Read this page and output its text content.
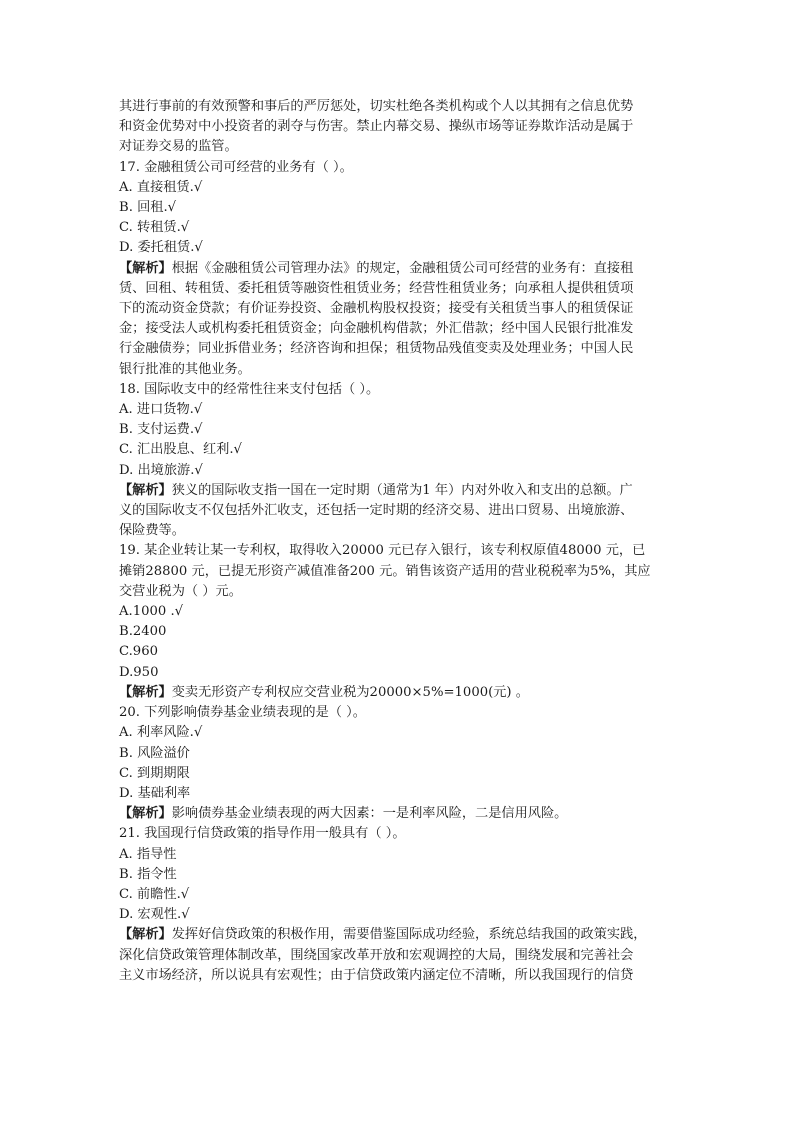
其进行事前的有效预警和事后的严厉惩处，切实杜绝各类机构或个人以其拥有之信息优势

和资金优势对中小投资者的剥夺与伤害。禁止内幕交易、操纵市场等证券欺诈活动是属于

对证券交易的监管。

17. 金融租赁公司可经营的业务有（ ）。

A. 直接租赁.√

B. 回租.√

C. 转租赁.√

D. 委托租赁.√

【解析】根据《金融租赁公司管理办法》的规定，金融租赁公司可经营的业务有：直接租

赁、回租、转租赁、委托租赁等融资性租赁业务；经营性租赁业务；向承租人提供租赁项

下的流动资金贷款；有价证券投资、金融机构股权投资；接受有关租赁当事人的租赁保证

金；接受法人或机构委托租赁资金；向金融机构借款；外汇借款；经中国人民银行批准发

行金融债券；同业拆借业务；经济咨询和担保；租赁物品残值变卖及处理业务；中国人民

银行批准的其他业务。

18. 国际收支中的经常性往来支付包括（ ）。

A. 进口货物.√

B. 支付运费.√

C. 汇出股息、红利.√

D. 出境旅游.√

【解析】狭义的国际收支指一国在一定时期（通常为1 年）内对外收入和支出的总额。广

义的国际收支不仅包括外汇收支，还包括一定时期的经济交易、进出口贸易、出境旅游、

保险费等。

19. 某企业转让某一专利权，取得收入20000 元已存入银行，该专利权原值48000 元，已

摊销28800 元，已提无形资产减值准备200 元。销售该资产适用的营业税税率为5%，其应

交营业税为（ ）元。

A.1000 .√

B.2400

C.960

D.950

【解析】变卖无形资产专利权应交营业税为20000×5%=1000(元) 。

20. 下列影响债券基金业绩表现的是（ ）。

A. 利率风险.√

B. 风险溢价

C. 到期期限

D. 基础利率

【解析】影响债券基金业绩表现的两大因素：一是利率风险，二是信用风险。

21. 我国现行信贷政策的指导作用一般具有（ ）。

A. 指导性

B. 指令性

C. 前瞻性.√

D. 宏观性.√

【解析】发挥好信贷政策的积极作用，需要借鉴国际成功经验，系统总结我国的政策实践，

深化信贷政策管理体制改革，围绕国家改革开放和宏观调控的大局，围绕发展和完善社会

主义市场经济，所以说具有宏观性；由于信贷政策内涵定位不清晰，所以我国现行的信贷
